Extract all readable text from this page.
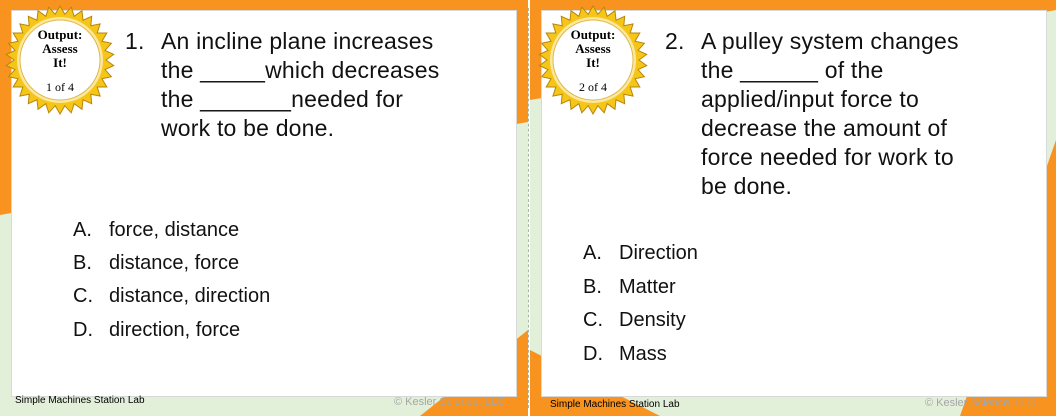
1. An incline plane increases
the _____which decreases
the _______needed for
work to be done.
A. force, distance
B. distance, force
C. distance, direction
D. direction, force
Simple Machines Station Lab	© Kesler Science, LLC
2. A pulley system changes
the ______ of the
applied/input force to
decrease the amount of
force needed for work to
be done.
A. Direction
B. Matter
C. Density
D. Mass
Simple Machines Station Lab	© Kesler Science, LLC
Output:
Assess
It!
1 of 4
Output:
Assess
It!
2 of 4
